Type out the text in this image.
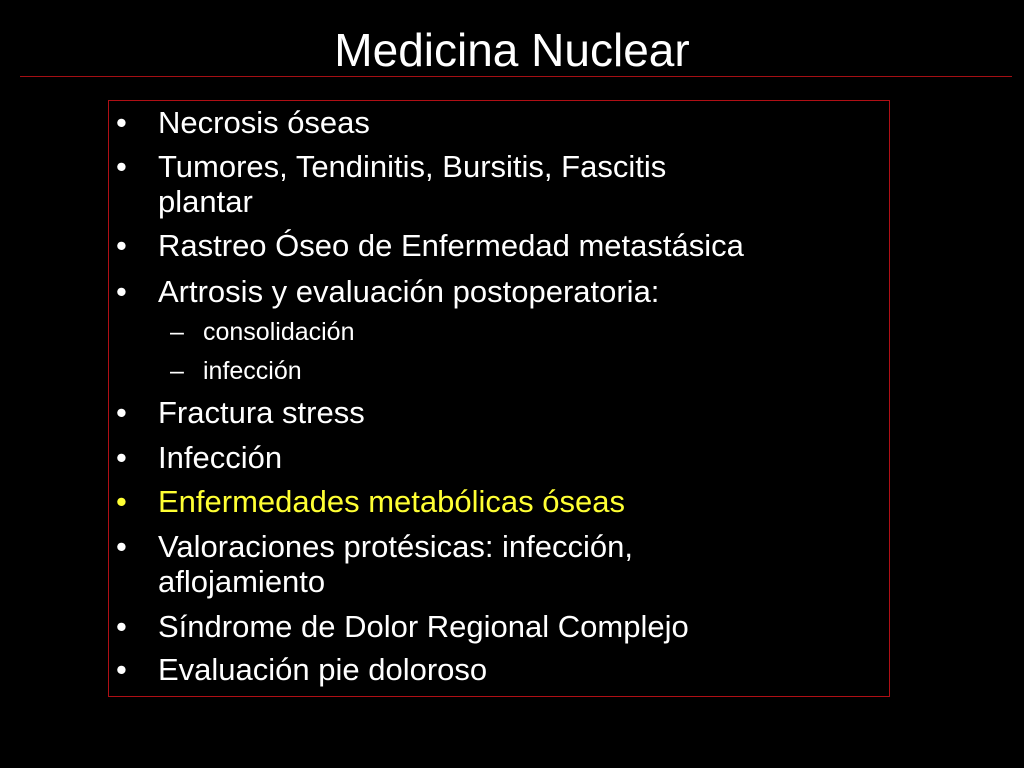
Medicina Nuclear
• Necrosis óseas
• Tumores, Tendinitis, Bursitis, Fascitis
plantar
• Rastreo Óseo de Enfermedad metastásica
• Artrosis y evaluación postoperatoria:
– consolidación
– infección
• Fractura stress
• Infección
• Enfermedades metabólicas óseas
• Valoraciones protésicas: infección,
aflojamiento
• Síndrome de Dolor Regional Complejo
• Evaluación pie doloroso
